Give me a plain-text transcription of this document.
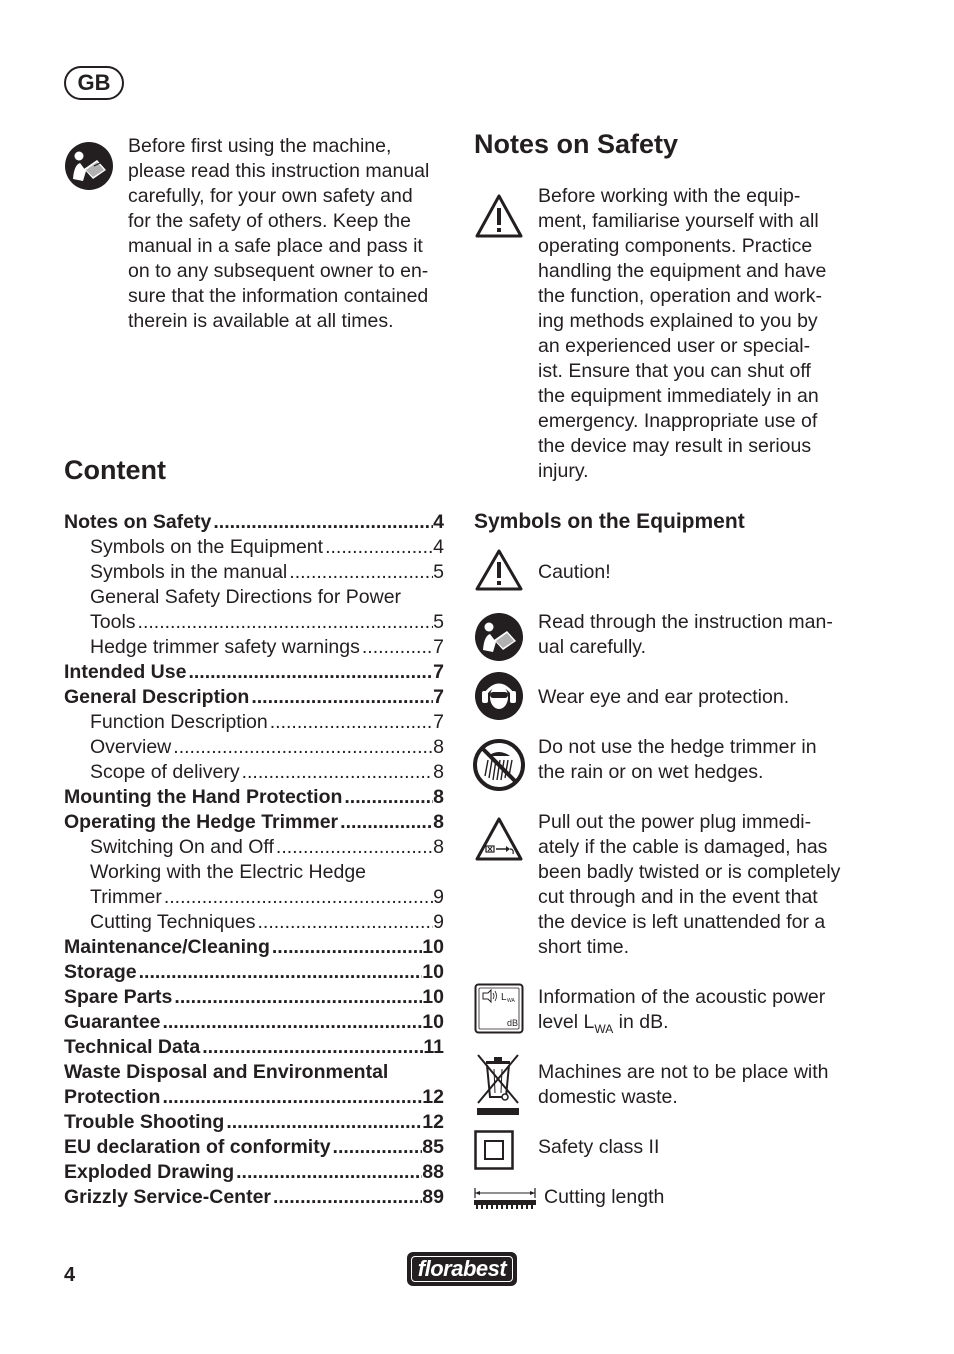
GB
Before first using the machine,
please read this instruction manual
carefully, for your own safety and
for the safety of others. Keep the
manual in a safe place and pass it
on to any subsequent owner to en-
sure that the information contained
therein is available at all times.
Content
Notes on Safety .....	4
Symbols on the Equipment .....	4
Symbols in the manual .....	5
General Safety Directions for Power
Tools .....	5
Hedge trimmer safety warnings .....	7
Intended Use .....	7
General Description .....	7
Function Description .....	7
Overview .....	8
Scope of delivery .....	8
Mounting the Hand Protection .....	8
Operating the Hedge Trimmer .....	8
Switching On and Off .....	8
Working with the Electric Hedge
Trimmer .....	9
Cutting Techniques .....	9
Maintenance/Cleaning .....	10
Storage .....	10
Spare Parts .....	10
Guarantee .....	10
Technical Data .....	11
Waste Disposal and Environmental
Protection .....	12
Trouble Shooting .....	12
EU declaration of conformity .....	85
Exploded Drawing .....	88
Grizzly Service-Center .....	89
Notes on Safety
Before working with the equip-
ment, familiarise yourself with all
operating components. Practice
handling the equipment and have
the function, operation and work-
ing methods explained to you by
an experienced user or special-
ist. Ensure that you can shut off
the equipment immediately in an
emergency. Inappropriate use of
the device may result in serious
injury.
Symbols on the Equipment
Caution!
Read through the instruction man-
ual carefully.
Wear eye and ear protection.
Do not use the hedge trimmer in
the rain or on wet hedges.
Pull out the power plug immedi-
ately if the cable is damaged, has
been badly twisted or is completely
cut through and in the event that
the device is left unattended for a
short time.
L WA
dB
Information of the acoustic power
level $L_{WA}$ in dB.
Machines are not to be place with
domestic waste.
Safety class II
Cutting length
4	florabest
